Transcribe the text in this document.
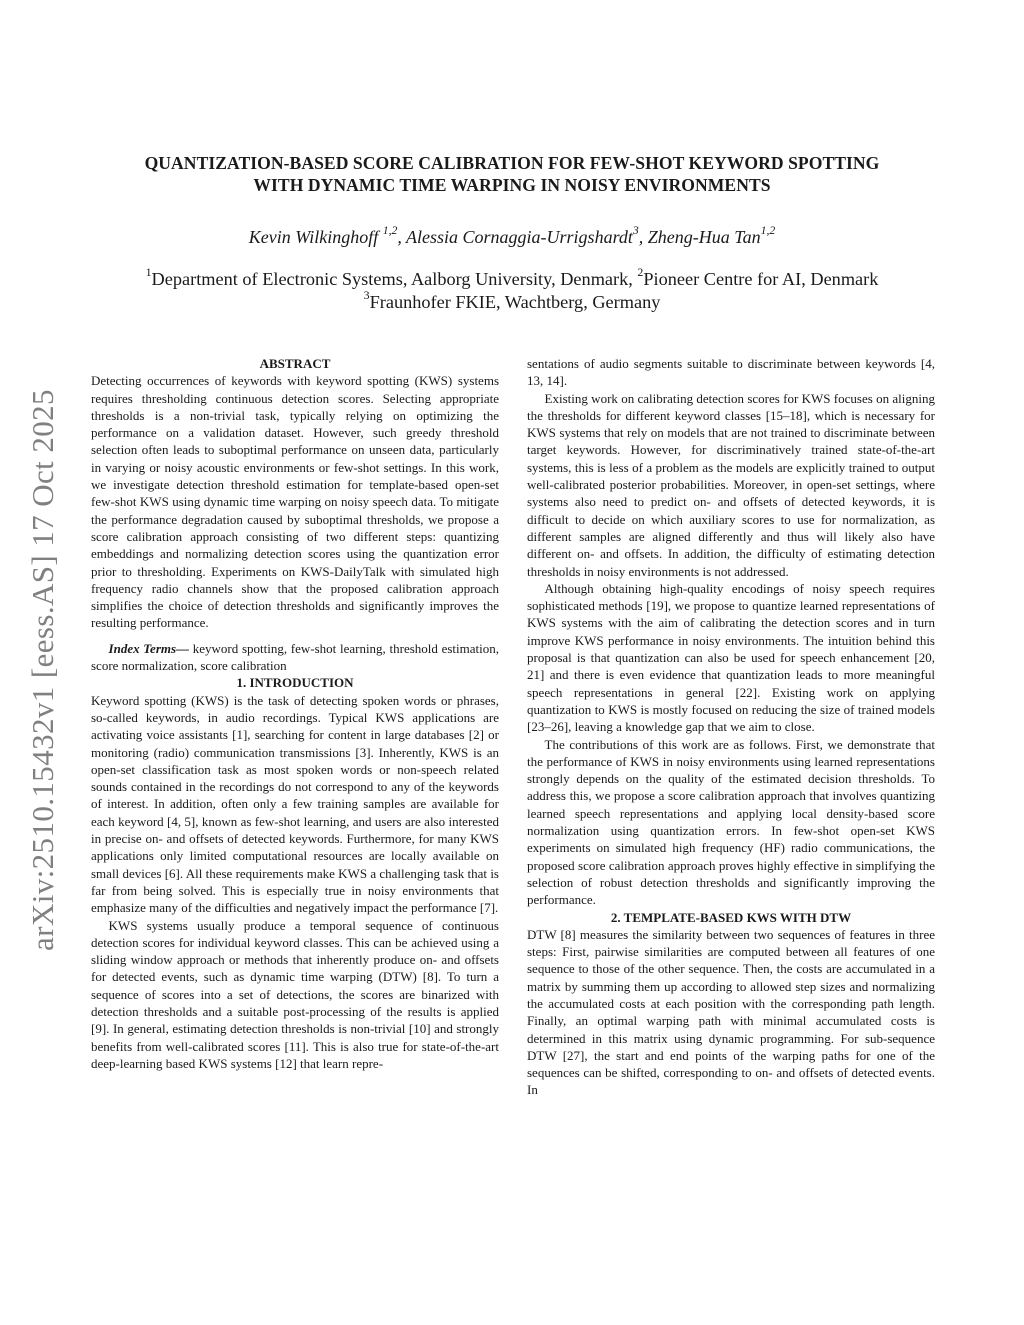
arXiv:2510.15432v1 [eess.AS] 17 Oct 2025
QUANTIZATION-BASED SCORE CALIBRATION FOR FEW-SHOT KEYWORD SPOTTING
WITH DYNAMIC TIME WARPING IN NOISY ENVIRONMENTS
Kevin Wilkinghoff $^{1,2}$, Alessia Cornaggia-Urrigshardt$^3$, Zheng-Hua Tan$^{1,2}$
$^1$Department of Electronic Systems, Aalborg University, Denmark, $^2$Pioneer Centre for AI, Denmark
$^3$Fraunhofer FKIE, Wachtberg, Germany
ABSTRACT

Detecting occurrences of keywords with keyword spotting (KWS) systems requires thresholding continuous detection scores. Selecting appropriate thresholds is a non-trivial task, typically relying on optimizing the performance on a validation dataset. However, such greedy threshold selection often leads to suboptimal performance on unseen data, particularly in varying or noisy acoustic environments or few-shot settings. In this work, we investigate detection threshold estimation for template-based open-set few-shot KWS using dynamic time warping on noisy speech data. To mitigate the performance degradation caused by suboptimal thresholds, we propose a score calibration approach consisting of two different steps: quantizing embeddings and normalizing detection scores using the quantization error prior to thresholding. Experiments on KWS-DailyTalk with simulated high frequency radio channels show that the proposed calibration approach simplifies the choice of detection thresholds and significantly improves the resulting performance.

Index Terms— keyword spotting, few-shot learning, threshold estimation, score normalization, score calibration

1. INTRODUCTION

Keyword spotting (KWS) is the task of detecting spoken words or phrases, so-called keywords, in audio recordings. Typical KWS applications are activating voice assistants [1], searching for content in large databases [2] or monitoring (radio) communication transmissions [3]. Inherently, KWS is an open-set classification task as most spoken words or non-speech related sounds contained in the recordings do not correspond to any of the keywords of interest. In addition, often only a few training samples are available for each keyword [4, 5], known as few-shot learning, and users are also interested in precise on- and offsets of detected keywords. Furthermore, for many KWS applications only limited computational resources are locally available on small devices [6]. All these requirements make KWS a challenging task that is far from being solved. This is especially true in noisy environments that emphasize many of the difficulties and negatively impact the performance [7].

KWS systems usually produce a temporal sequence of continuous detection scores for individual keyword classes. This can be achieved using a sliding window approach or methods that inherently produce on- and offsets for detected events, such as dynamic time warping (DTW) [8]. To turn a sequence of scores into a set of detections, the scores are binarized with detection thresholds and a suitable post-processing of the results is applied [9]. In general, estimating detection thresholds is non-trivial [10] and strongly benefits from well-calibrated scores [11]. This is also true for state-of-the-art deep-learning based KWS systems [12] that learn repre-

sentations of audio segments suitable to discriminate between keywords [4, 13, 14].

Existing work on calibrating detection scores for KWS focuses on aligning the thresholds for different keyword classes [15–18], which is necessary for KWS systems that rely on models that are not trained to discriminate between target keywords. However, for discriminatively trained state-of-the-art systems, this is less of a problem as the models are explicitly trained to output well-calibrated posterior probabilities. Moreover, in open-set settings, where systems also need to predict on- and offsets of detected keywords, it is difficult to decide on which auxiliary scores to use for normalization, as different samples are aligned differently and thus will likely also have different on- and offsets. In addition, the difficulty of estimating detection thresholds in noisy environments is not addressed.

Although obtaining high-quality encodings of noisy speech requires sophisticated methods [19], we propose to quantize learned representations of KWS systems with the aim of calibrating the detection scores and in turn improve KWS performance in noisy environments. The intuition behind this proposal is that quantization can also be used for speech enhancement [20, 21] and there is even evidence that quantization leads to more meaningful speech representations in general [22]. Existing work on applying quantization to KWS is mostly focused on reducing the size of trained models [23–26], leaving a knowledge gap that we aim to close.

The contributions of this work are as follows. First, we demonstrate that the performance of KWS in noisy environments using learned representations strongly depends on the quality of the estimated decision thresholds. To address this, we propose a score calibration approach that involves quantizing learned speech representations and applying local density-based score normalization using quantization errors. In few-shot open-set KWS experiments on simulated high frequency (HF) radio communications, the proposed score calibration approach proves highly effective in simplifying the selection of robust detection thresholds and significantly improving the performance.

2. TEMPLATE-BASED KWS WITH DTW

DTW [8] measures the similarity between two sequences of features in three steps: First, pairwise similarities are computed between all features of one sequence to those of the other sequence. Then, the costs are accumulated in a matrix by summing them up according to allowed step sizes and normalizing the accumulated costs at each position with the corresponding path length. Finally, an optimal warping path with minimal accumulated costs is determined in this matrix using dynamic programming. For sub-sequence DTW [27], the start and end points of the warping paths for one of the sequences can be shifted, corresponding to on- and offsets of detected events. In
